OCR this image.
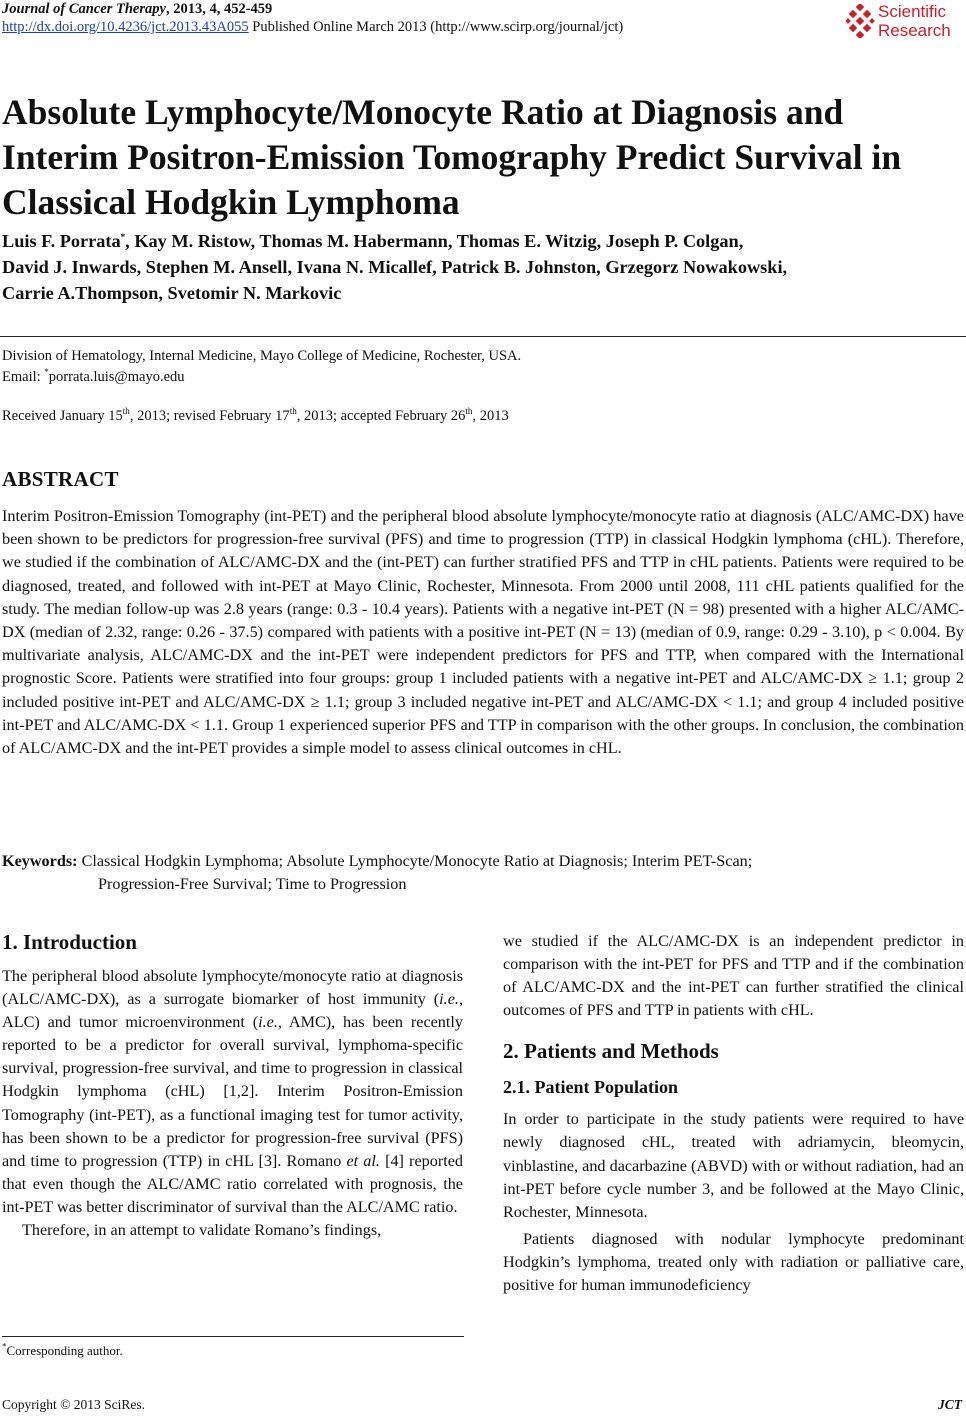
Journal of Cancer Therapy, 2013, 4, 452-459
http://dx.doi.org/10.4236/jct.2013.43A055 Published Online March 2013 (http://www.scirp.org/journal/jct)
Scientific
Research
Absolute Lymphocyte/Monocyte Ratio at Diagnosis and Interim Positron-Emission Tomography Predict Survival in Classical Hodgkin Lymphoma
Luis F. Porrata*, Kay M. Ristow, Thomas M. Habermann, Thomas E. Witzig, Joseph P. Colgan,
David J. Inwards, Stephen M. Ansell, Ivana N. Micallef, Patrick B. Johnston, Grzegorz Nowakowski,
Carrie A.Thompson, Svetomir N. Markovic
Division of Hematology, Internal Medicine, Mayo College of Medicine, Rochester, USA.
Email: *porrata.luis@mayo.edu
Received January 15th, 2013; revised February 17th, 2013; accepted February 26th, 2013
ABSTRACT
Interim Positron-Emission Tomography (int-PET) and the peripheral blood absolute lymphocyte/monocyte ratio at diagnosis (ALC/AMC-DX) have been shown to be predictors for progression-free survival (PFS) and time to progression (TTP) in classical Hodgkin lymphoma (cHL). Therefore, we studied if the combination of ALC/AMC-DX and the (int-PET) can further stratified PFS and TTP in cHL patients. Patients were required to be diagnosed, treated, and followed with int-PET at Mayo Clinic, Rochester, Minnesota. From 2000 until 2008, 111 cHL patients qualified for the study. The median follow-up was 2.8 years (range: 0.3 - 10.4 years). Patients with a negative int-PET (N = 98) presented with a higher ALC/AMC-DX (median of 2.32, range: 0.26 - 37.5) compared with patients with a positive int-PET (N = 13) (median of 0.9, range: 0.29 - 3.10), p < 0.004. By multivariate analysis, ALC/AMC-DX and the int-PET were independent predictors for PFS and TTP, when compared with the International prognostic Score. Patients were stratified into four groups: group 1 included patients with a negative int-PET and ALC/AMC-DX ≥ 1.1; group 2 included positive int-PET and ALC/AMC-DX ≥ 1.1; group 3 included negative int-PET and ALC/AMC-DX < 1.1; and group 4 included positive int-PET and ALC/AMC-DX < 1.1. Group 1 experienced superior PFS and TTP in comparison with the other groups. In conclusion, the combination of ALC/AMC-DX and the int-PET provides a simple model to assess clinical outcomes in cHL.
Keywords: Classical Hodgkin Lymphoma; Absolute Lymphocyte/Monocyte Ratio at Diagnosis; Interim PET-Scan;
Progression-Free Survival; Time to Progression

1. Introduction

The peripheral blood absolute lymphocyte/monocyte ratio at diagnosis (ALC/AMC-DX), as a surrogate biomarker of host immunity (i.e., ALC) and tumor microenvironment (i.e., AMC), has been recently reported to be a predictor for overall survival, lymphoma-specific survival, progression-free survival, and time to progression in classical Hodgkin lymphoma (cHL) [1,2]. Interim Positron-Emission Tomography (int-PET), as a functional imaging test for tumor activity, has been shown to be a predictor for progression-free survival (PFS) and time to progression (TTP) in cHL [3]. Romano et al. [4] reported that even though the ALC/AMC ratio correlated with prognosis, the int-PET was better discriminator of survival than the ALC/AMC ratio.

Therefore, in an attempt to validate Romano’s findings,

we studied if the ALC/AMC-DX is an independent predictor in comparison with the int-PET for PFS and TTP and if the combination of ALC/AMC-DX and the int-PET can further stratified the clinical outcomes of PFS and TTP in patients with cHL.

2. Patients and Methods

2.1. Patient Population

In order to participate in the study patients were required to have newly diagnosed cHL, treated with adriamycin, bleomycin, vinblastine, and dacarbazine (ABVD) with or without radiation, had an int-PET before cycle number 3, and be followed at the Mayo Clinic, Rochester, Minnesota.

Patients diagnosed with nodular lymphocyte predominant Hodgkin’s lymphoma, treated only with radiation or palliative care, positive for human immunodeficiency

*Corresponding author.
Copyright © 2013 SciRes.	JCT
